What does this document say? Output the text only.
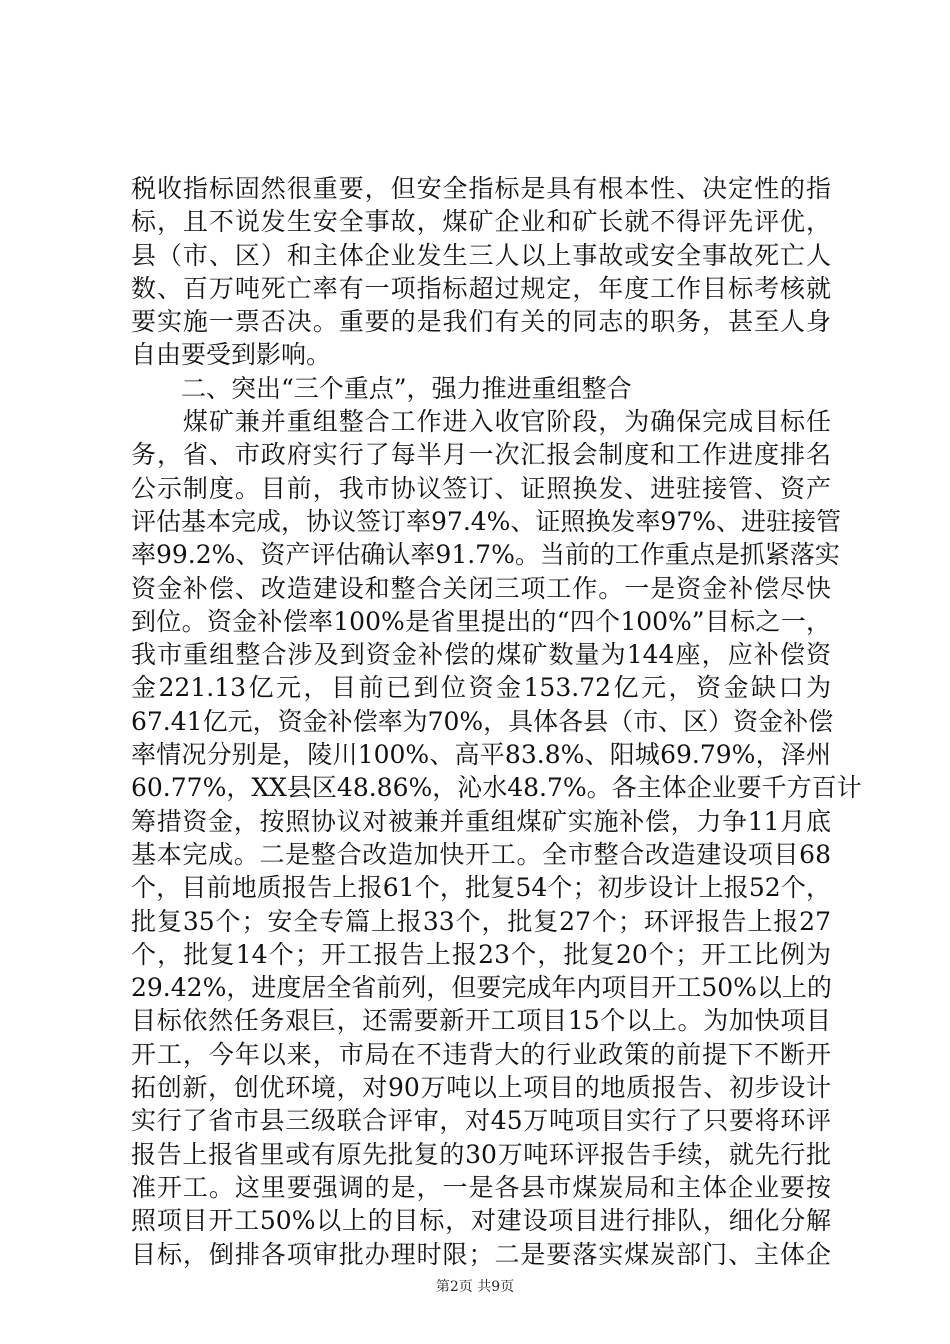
税收指标固然很重要，但安全指标是具有根本性、决定性的指
标，且不说发生安全事故，煤矿企业和矿长就不得评先评优，
县（市、区）和主体企业发生三人以上事故或安全事故死亡人
数、百万吨死亡率有一项指标超过规定，年度工作目标考核就
要实施一票否决。重要的是我们有关的同志的职务，甚至人身
自由要受到影响。
　　二、突出“三个重点”，强力推进重组整合
　　煤矿兼并重组整合工作进入收官阶段，为确保完成目标任
务，省、市政府实行了每半月一次汇报会制度和工作进度排名
公示制度。目前，我市协议签订、证照换发、进驻接管、资产
评估基本完成，协议签订率97.4%、证照换发率97%、进驻接管
率99.2%、资产评估确认率91.7%。当前的工作重点是抓紧落实
资金补偿、改造建设和整合关闭三项工作。一是资金补偿尽快
到位。资金补偿率100%是省里提出的“四个100%”目标之一，
我市重组整合涉及到资金补偿的煤矿数量为144座，应补偿资
金221.13亿元，目前已到位资金153.72亿元，资金缺口为
67.41亿元，资金补偿率为70%，具体各县（市、区）资金补偿
率情况分别是，陵川100%、高平83.8%、阳城69.79%，泽州
60.77%，XX县区48.86%，沁水48.7%。各主体企业要千方百计
筹措资金，按照协议对被兼并重组煤矿实施补偿，力争11月底
基本完成。二是整合改造加快开工。全市整合改造建设项目68
个，目前地质报告上报61个，批复54个；初步设计上报52个，
批复35个；安全专篇上报33个，批复27个；环评报告上报27
个，批复14个；开工报告上报23个，批复20个；开工比例为
29.42%，进度居全省前列，但要完成年内项目开工50%以上的
目标依然任务艰巨，还需要新开工项目15个以上。为加快项目
开工，今年以来，市局在不违背大的行业政策的前提下不断开
拓创新，创优环境，对90万吨以上项目的地质报告、初步设计
实行了省市县三级联合评审，对45万吨项目实行了只要将环评
报告上报省里或有原先批复的30万吨环评报告手续，就先行批
准开工。这里要强调的是，一是各县市煤炭局和主体企业要按
照项目开工50%以上的目标，对建设项目进行排队，细化分解
目标，倒排各项审批办理时限；二是要落实煤炭部门、主体企
第2页 共9页
